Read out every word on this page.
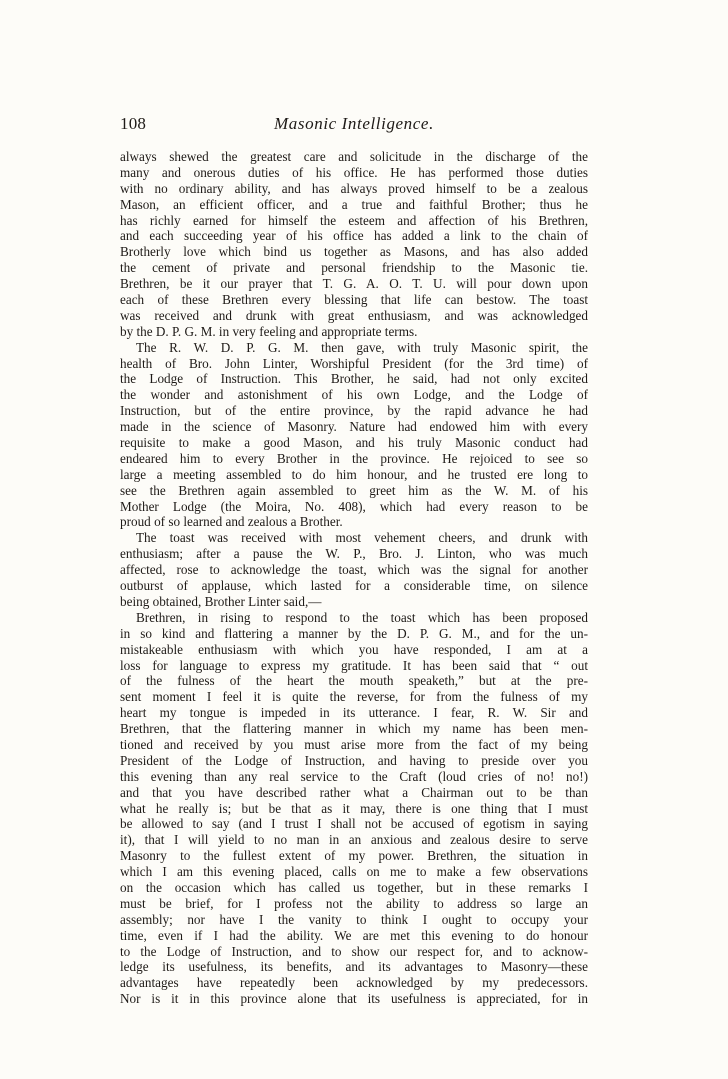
108	Masonic Intelligence.
always shewed the greatest care and solicitude in the discharge of the
many and onerous duties of his office. He has performed those duties
with no ordinary ability, and has always proved himself to be a zealous
Mason, an efficient officer, and a true and faithful Brother; thus he
has richly earned for himself the esteem and affection of his Brethren,
and each succeeding year of his office has added a link to the chain of
Brotherly love which bind us together as Masons, and has also added
the cement of private and personal friendship to the Masonic tie.
Brethren, be it our prayer that T. G. A. O. T. U. will pour down upon
each of these Brethren every blessing that life can bestow. The toast
was received and drunk with great enthusiasm, and was acknowledged
by the D. P. G. M. in very feeling and appropriate terms.
The R. W. D. P. G. M. then gave, with truly Masonic spirit, the
health of Bro. John Linter, Worshipful President (for the 3rd time) of
the Lodge of Instruction. This Brother, he said, had not only excited
the wonder and astonishment of his own Lodge, and the Lodge of
Instruction, but of the entire province, by the rapid advance he had
made in the science of Masonry. Nature had endowed him with every
requisite to make a good Mason, and his truly Masonic conduct had
endeared him to every Brother in the province. He rejoiced to see so
large a meeting assembled to do him honour, and he trusted ere long to
see the Brethren again assembled to greet him as the W. M. of his
Mother Lodge (the Moira, No. 408), which had every reason to be
proud of so learned and zealous a Brother.
The toast was received with most vehement cheers, and drunk with
enthusiasm; after a pause the W. P., Bro. J. Linton, who was much
affected, rose to acknowledge the toast, which was the signal for another
outburst of applause, which lasted for a considerable time, on silence
being obtained, Brother Linter said,—
Brethren, in rising to respond to the toast which has been proposed
in so kind and flattering a manner by the D. P. G. M., and for the un-
mistakeable enthusiasm with which you have responded, I am at a
loss for language to express my gratitude. It has been said that “ out
of the fulness of the heart the mouth speaketh,” but at the pre-
sent moment I feel it is quite the reverse, for from the fulness of my
heart my tongue is impeded in its utterance. I fear, R. W. Sir and
Brethren, that the flattering manner in which my name has been men-
tioned and received by you must arise more from the fact of my being
President of the Lodge of Instruction, and having to preside over you
this evening than any real service to the Craft (loud cries of no! no!)
and that you have described rather what a Chairman out to be than
what he really is; but be that as it may, there is one thing that I must
be allowed to say (and I trust I shall not be accused of egotism in saying
it), that I will yield to no man in an anxious and zealous desire to serve
Masonry to the fullest extent of my power. Brethren, the situation in
which I am this evening placed, calls on me to make a few observations
on the occasion which has called us together, but in these remarks I
must be brief, for I profess not the ability to address so large an
assembly; nor have I the vanity to think I ought to occupy your
time, even if I had the ability. We are met this evening to do honour
to the Lodge of Instruction, and to show our respect for, and to acknow-
ledge its usefulness, its benefits, and its advantages to Masonry—these
advantages have repeatedly been acknowledged by my predecessors.
Nor is it in this province alone that its usefulness is appreciated, for in
